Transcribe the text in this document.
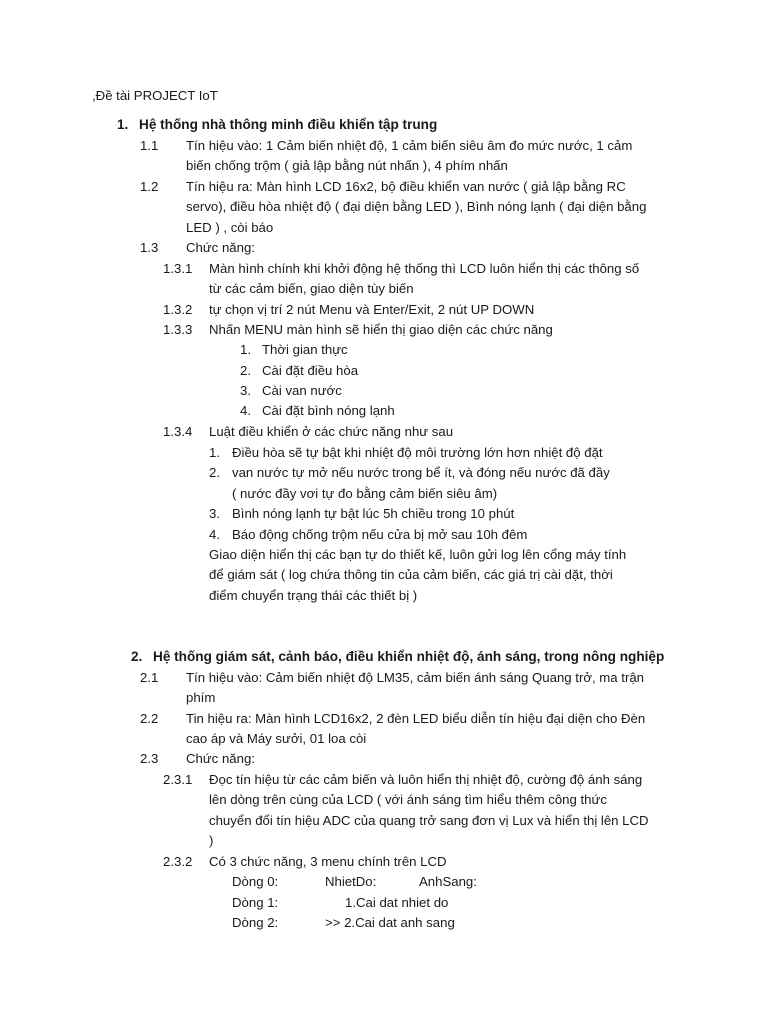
,Đề tài PROJECT IoT
1. Hệ thống nhà thông minh điều khiển tập trung
1.1 Tín hiệu vào: 1 Cảm biến nhiệt độ, 1 cảm biến siêu âm đo mức nước, 1 cảm
biến chống trộm ( giả lập bằng nút nhấn ), 4 phím nhấn
1.2 Tín hiệu ra: Màn hình LCD 16x2, bộ điều khiển van nước ( giả lập bằng RC
servo), điều hòa nhiệt độ ( đại diện bằng LED ), Bình nóng lạnh ( đại diện bằng
LED ) , còi báo
1.3 Chức năng:
1.3.1 Màn hình chính khi khởi động hệ thống thì LCD luôn hiển thị các thông số
từ các cảm biến, giao diện tùy biến
1.3.2 tự chọn vị trí 2 nút Menu và Enter/Exit, 2 nút UP DOWN
1.3.3 Nhấn MENU màn hình sẽ hiển thị giao diện các chức năng
1. Thời gian thực
2. Cài đặt điều hòa
3. Cài van nước
4. Cài đặt bình nóng lạnh
1.3.4 Luật điều khiển ở các chức năng như sau
1. Điều hòa sẽ tự bật khi nhiệt độ môi trường lớn hơn nhiệt độ đặt
2. van nước tự mở nếu nước trong bể ít, và đóng nếu nước đã đầy
( nước đầy vơi tự đo bằng cảm biến siêu âm)
3. Bình nóng lạnh tự bật lúc 5h chiều trong 10 phút
4. Báo động chống trộm nếu cửa bị mở sau 10h đêm
Giao diện hiển thị các bạn tự do thiết kế, luôn gửi log lên cổng máy tính
để giám sát ( log chứa thông tin của cảm biến, các giá trị cài dặt, thời
điểm chuyển trạng thái các thiết bị )
2. Hệ thống giám sát, cảnh báo, điều khiển nhiệt độ, ánh sáng, trong nông nghiệp
2.1 Tín hiệu vào: Cảm biến nhiệt độ LM35, cảm biến ánh sáng Quang trở, ma trận
phím
2.2 Tin hiệu ra: Màn hình LCD16x2, 2 đèn LED biểu diễn tín hiệu đại diện cho Đèn
cao áp và Máy sưởi, 01 loa còi
2.3 Chức năng:
2.3.1 Đọc tín hiệu từ các cảm biến và luôn hiển thị nhiệt độ, cường độ ánh sáng
lên dòng trên cùng của LCD ( với ánh sáng tìm hiểu thêm công thức
chuyển đổi tín hiệu ADC của quang trở sang đơn vị Lux và hiển thị lên LCD
)
2.3.2 Có 3 chức năng, 3 menu chính trên LCD
Dòng 0:	NhietDo:	AnhSang:
Dòng 1:	1.Cai dat nhiet do
Dòng 2:	>> 2.Cai dat anh sang
